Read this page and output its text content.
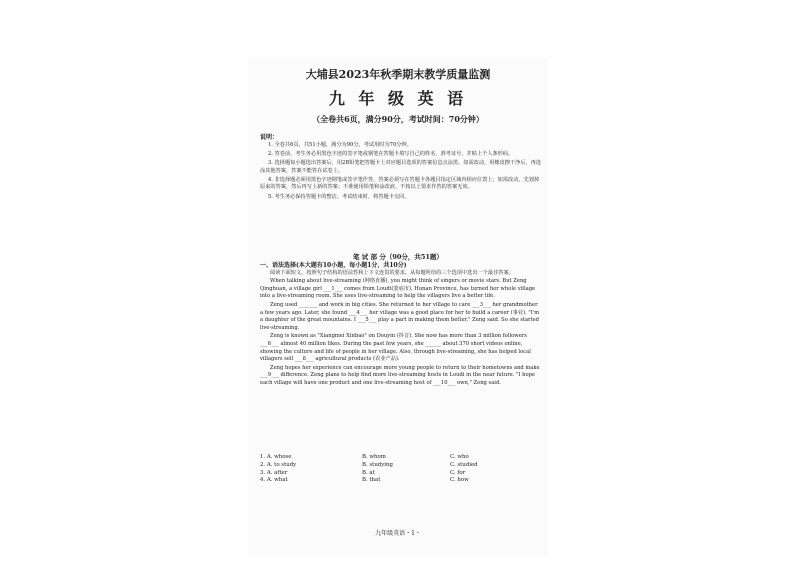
大埔县2023年秋季期末教学质量监测
九 年 级 英 语
（全卷共6页，满分90分，考试时间：70分钟）

说明：

1. 全卷共6页，共51小题，满分为90分，考试用时为70分钟。

2. 答卷前，考生务必用黑色字迹的签字笔或钢笔在答题卡填写自己的姓名、准考证号，并贴上个人条形码。

3. 选择题每小题选出答案后，用2B铅笔把答题卡上对应题目选项的答案信息点涂黑，如需改动，用橡皮擦干净后，再选涂其他答案，答案不能答在试卷上。

4. 非选择题必须用黑色字迹钢笔或签字笔作答，答案必须写在答题卡各题目指定区域内相应位置上；如需改动，先划掉原来的答案，然后再写上新的答案；不准使用铅笔和涂改液。不按以上要求作答的答案无效。

5. 考生务必保持答题卡的整洁。考试结束时，将答题卡交回。

笔 试 部 分（90分，共51题）

一、语法选择(本大题有10小题，每小题1分，共10分)

阅读下面短文，按照句子结构的语法性和上下文连贯的要求，从每题所给的三个选项中选出一个最佳答案。

When talking about live-streaming (网络直播), you might think of singers or movie stars. But Zeng Qinghuan, a village girl ___1___ comes from Loudi(娄底市), Hunan Province, has turned her whole village into a live-streaming room. She uses live-streaming to help the villagers live a better life.

Zeng used _______ and work in big cities. She returned to her village to care ___3___ her grandmother a few years ago. Later, she found ___4___ her village was a good place for her to build a career (事业). "I'm a daughter of the great mountains. I ___5___ play a part in making them better," Zeng said. So she started live-streaming.

Zeng is known as "Xiangmei Xinbao" on Douyin (抖音). She now has more than 3 million followers ___6___ almost 40 million likes. During the past few years, she ______ about 370 short videos online, showing the culture and life of people in her village. Also, through live-streaming, she has helped local villagers sell ___8___ agricultural products (农业产品).

Zeng hopes her experience can encourage more young people to return to their hometowns and make ___9___ difference. Zeng plans to help find more live-streaming hosts in Loudi in the near future. "I hope each village will have one product and one live-streaming host of ___10___ own," Zeng said.

1. A. whose	B. whom	C. who
2. A. to study	B. studying	C. studied
3. A. after	B. at	C. for
4. A. what	B. that	C. how
九年级英语・1・
